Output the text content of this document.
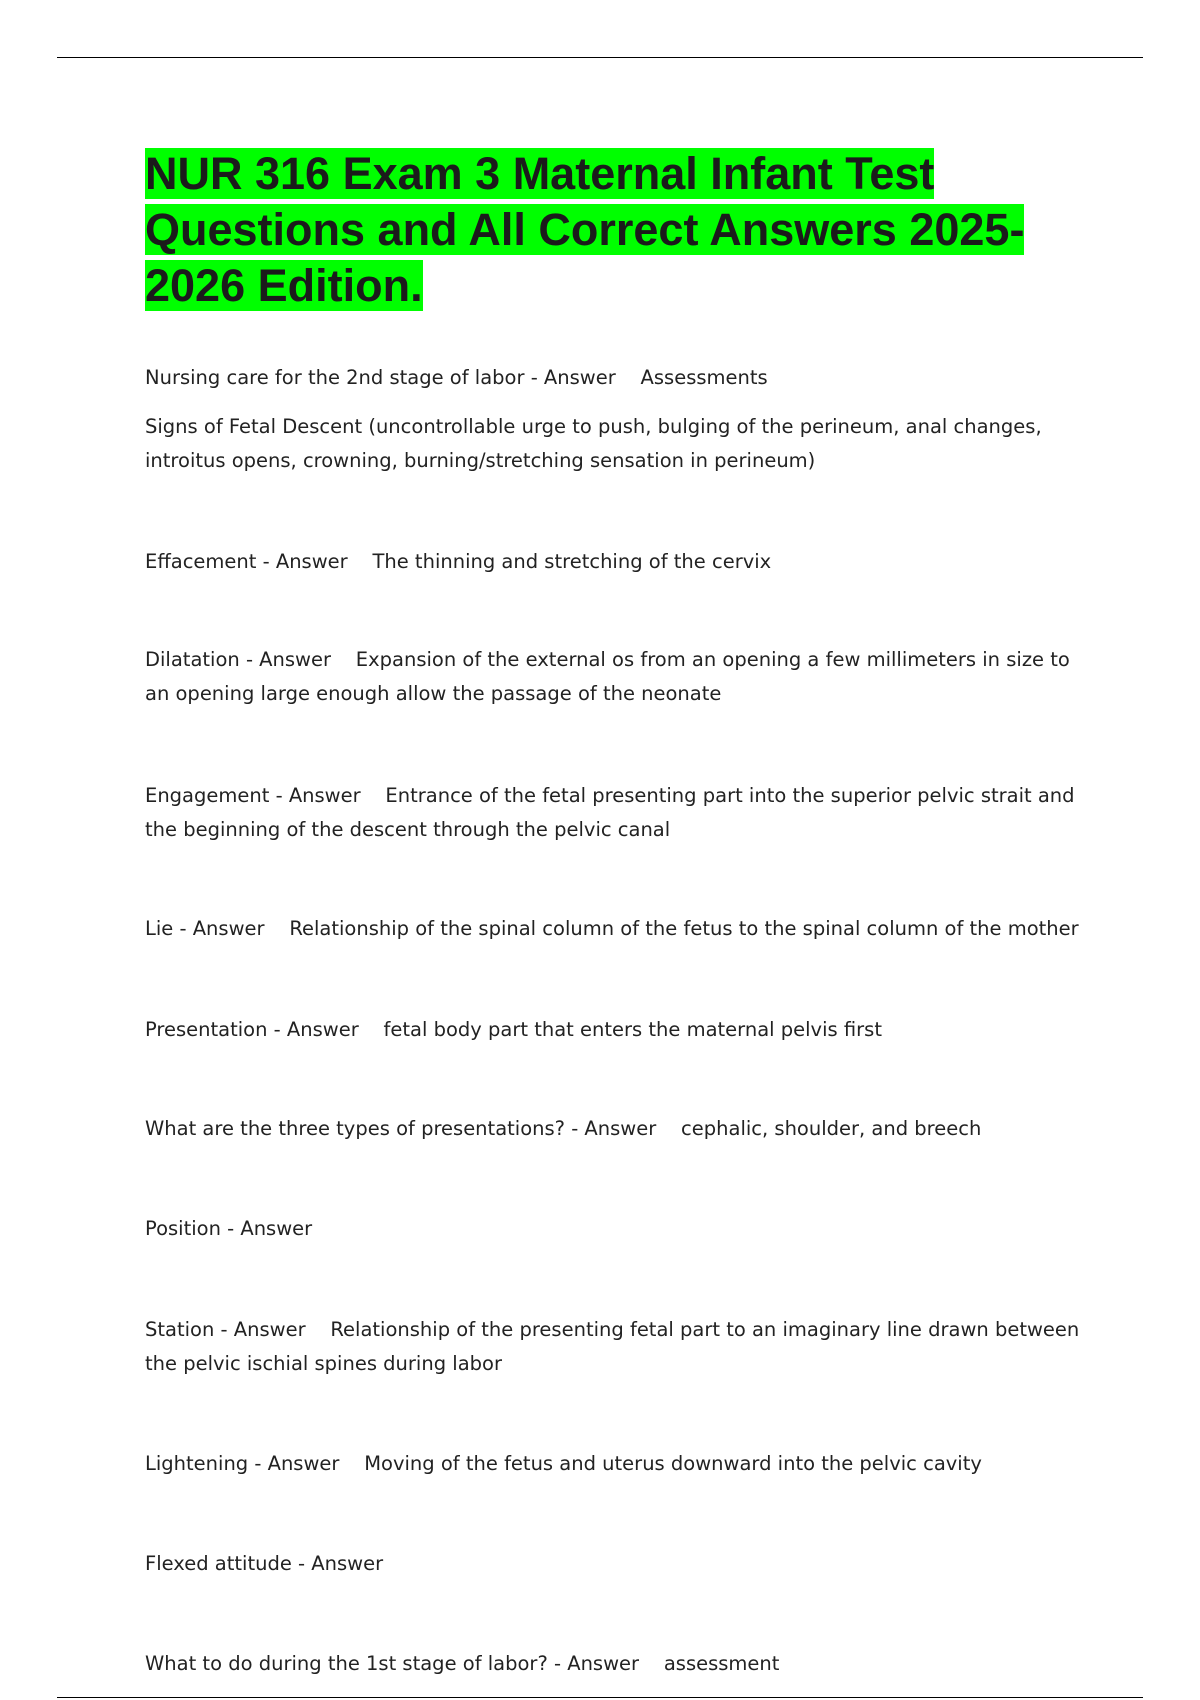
NUR 316 Exam 3 Maternal Infant Test Questions and All Correct Answers 2025-2026 Edition.

Nursing care for the 2nd stage of labor - Answer    Assessments

Signs of Fetal Descent (uncontrollable urge to push, bulging of the perineum, anal changes, introitus opens, crowning, burning/stretching sensation in perineum)

Effacement - Answer    The thinning and stretching of the cervix

Dilatation - Answer    Expansion of the external os from an opening a few millimeters in size to an opening large enough allow the passage of the neonate

Engagement - Answer    Entrance of the fetal presenting part into the superior pelvic strait and the beginning of the descent through the pelvic canal

Lie - Answer    Relationship of the spinal column of the fetus to the spinal column of the mother

Presentation - Answer    fetal body part that enters the maternal pelvis first

What are the three types of presentations? - Answer    cephalic, shoulder, and breech

Position - Answer

Station - Answer    Relationship of the presenting fetal part to an imaginary line drawn between the pelvic ischial spines during labor

Lightening - Answer    Moving of the fetus and uterus downward into the pelvic cavity

Flexed attitude - Answer

What to do during the 1st stage of labor? - Answer    assessment
